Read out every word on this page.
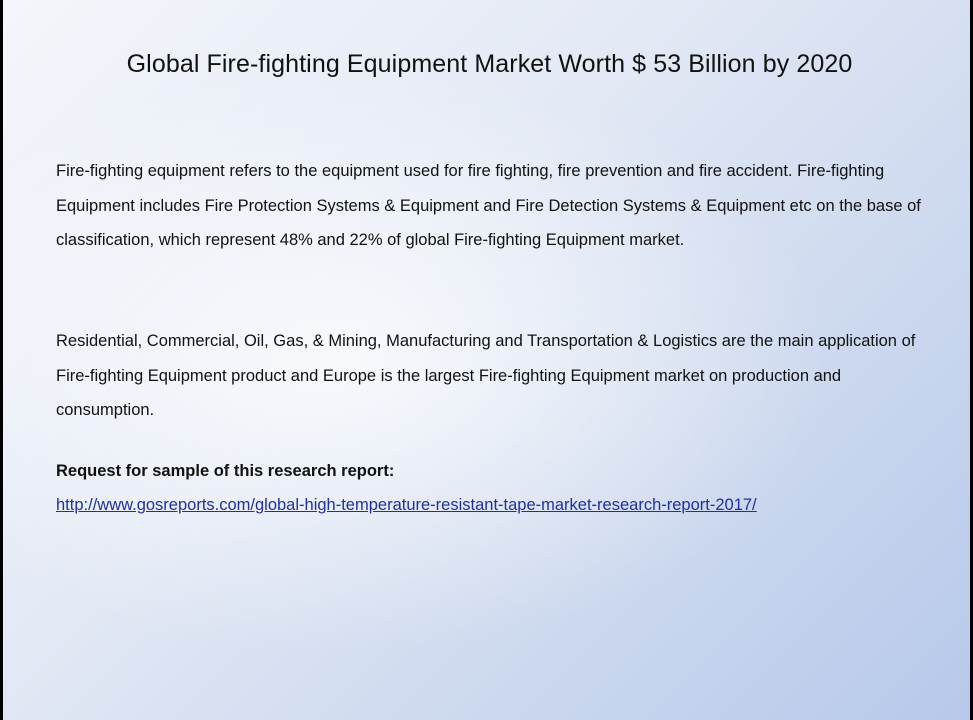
Global Fire-fighting Equipment Market Worth $ 53 Billion by 2020
Fire-fighting equipment refers to the equipment used for fire fighting, fire prevention and fire accident. Fire-fighting Equipment includes Fire Protection Systems & Equipment and Fire Detection Systems & Equipment etc on the base of classification, which represent 48% and 22% of global Fire-fighting Equipment market.
Residential, Commercial, Oil, Gas, & Mining, Manufacturing and Transportation & Logistics are the main application of Fire-fighting Equipment product and Europe is the largest Fire-fighting Equipment market on production and consumption.
Request for sample of this research report:
http://www.gosreports.com/global-high-temperature-resistant-tape-market-research-report-2017/
